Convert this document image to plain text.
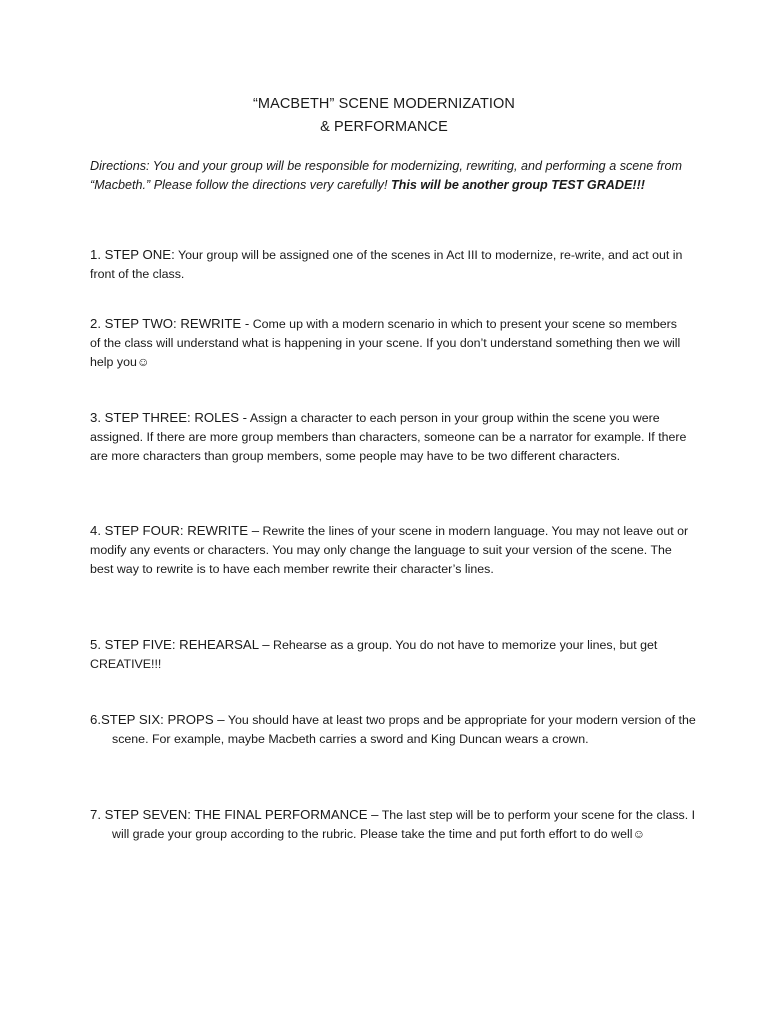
“MACBETH” SCENE MODERNIZATION
& PERFORMANCE
Directions: You and your group will be responsible for modernizing, rewriting, and performing a scene from “Macbeth.” Please follow the directions very carefully! This will be another group TEST GRADE!!!
1. STEP ONE: Your group will be assigned one of the scenes in Act III to modernize, re-write, and act out in front of the class.
2. STEP TWO: REWRITE - Come up with a modern scenario in which to present your scene so members of the class will understand what is happening in your scene. If you don’t understand something then we will help you☺
3. STEP THREE: ROLES - Assign a character to each person in your group within the scene you were assigned. If there are more group members than characters, someone can be a narrator for example. If there are more characters than group members, some people may have to be two different characters.
4. STEP FOUR: REWRITE – Rewrite the lines of your scene in modern language. You may not leave out or modify any events or characters. You may only change the language to suit your version of the scene. The best way to rewrite is to have each member rewrite their character’s lines.
5. STEP FIVE: REHEARSAL – Rehearse as a group. You do not have to memorize your lines, but get CREATIVE!!!
6.STEP SIX: PROPS – You should have at least two props and be appropriate for your modern version of the scene. For example, maybe Macbeth carries a sword and King Duncan wears a crown.
7. STEP SEVEN: THE FINAL PERFORMANCE – The last step will be to perform your scene for the class. I will grade your group according to the rubric. Please take the time and put forth effort to do well☺
